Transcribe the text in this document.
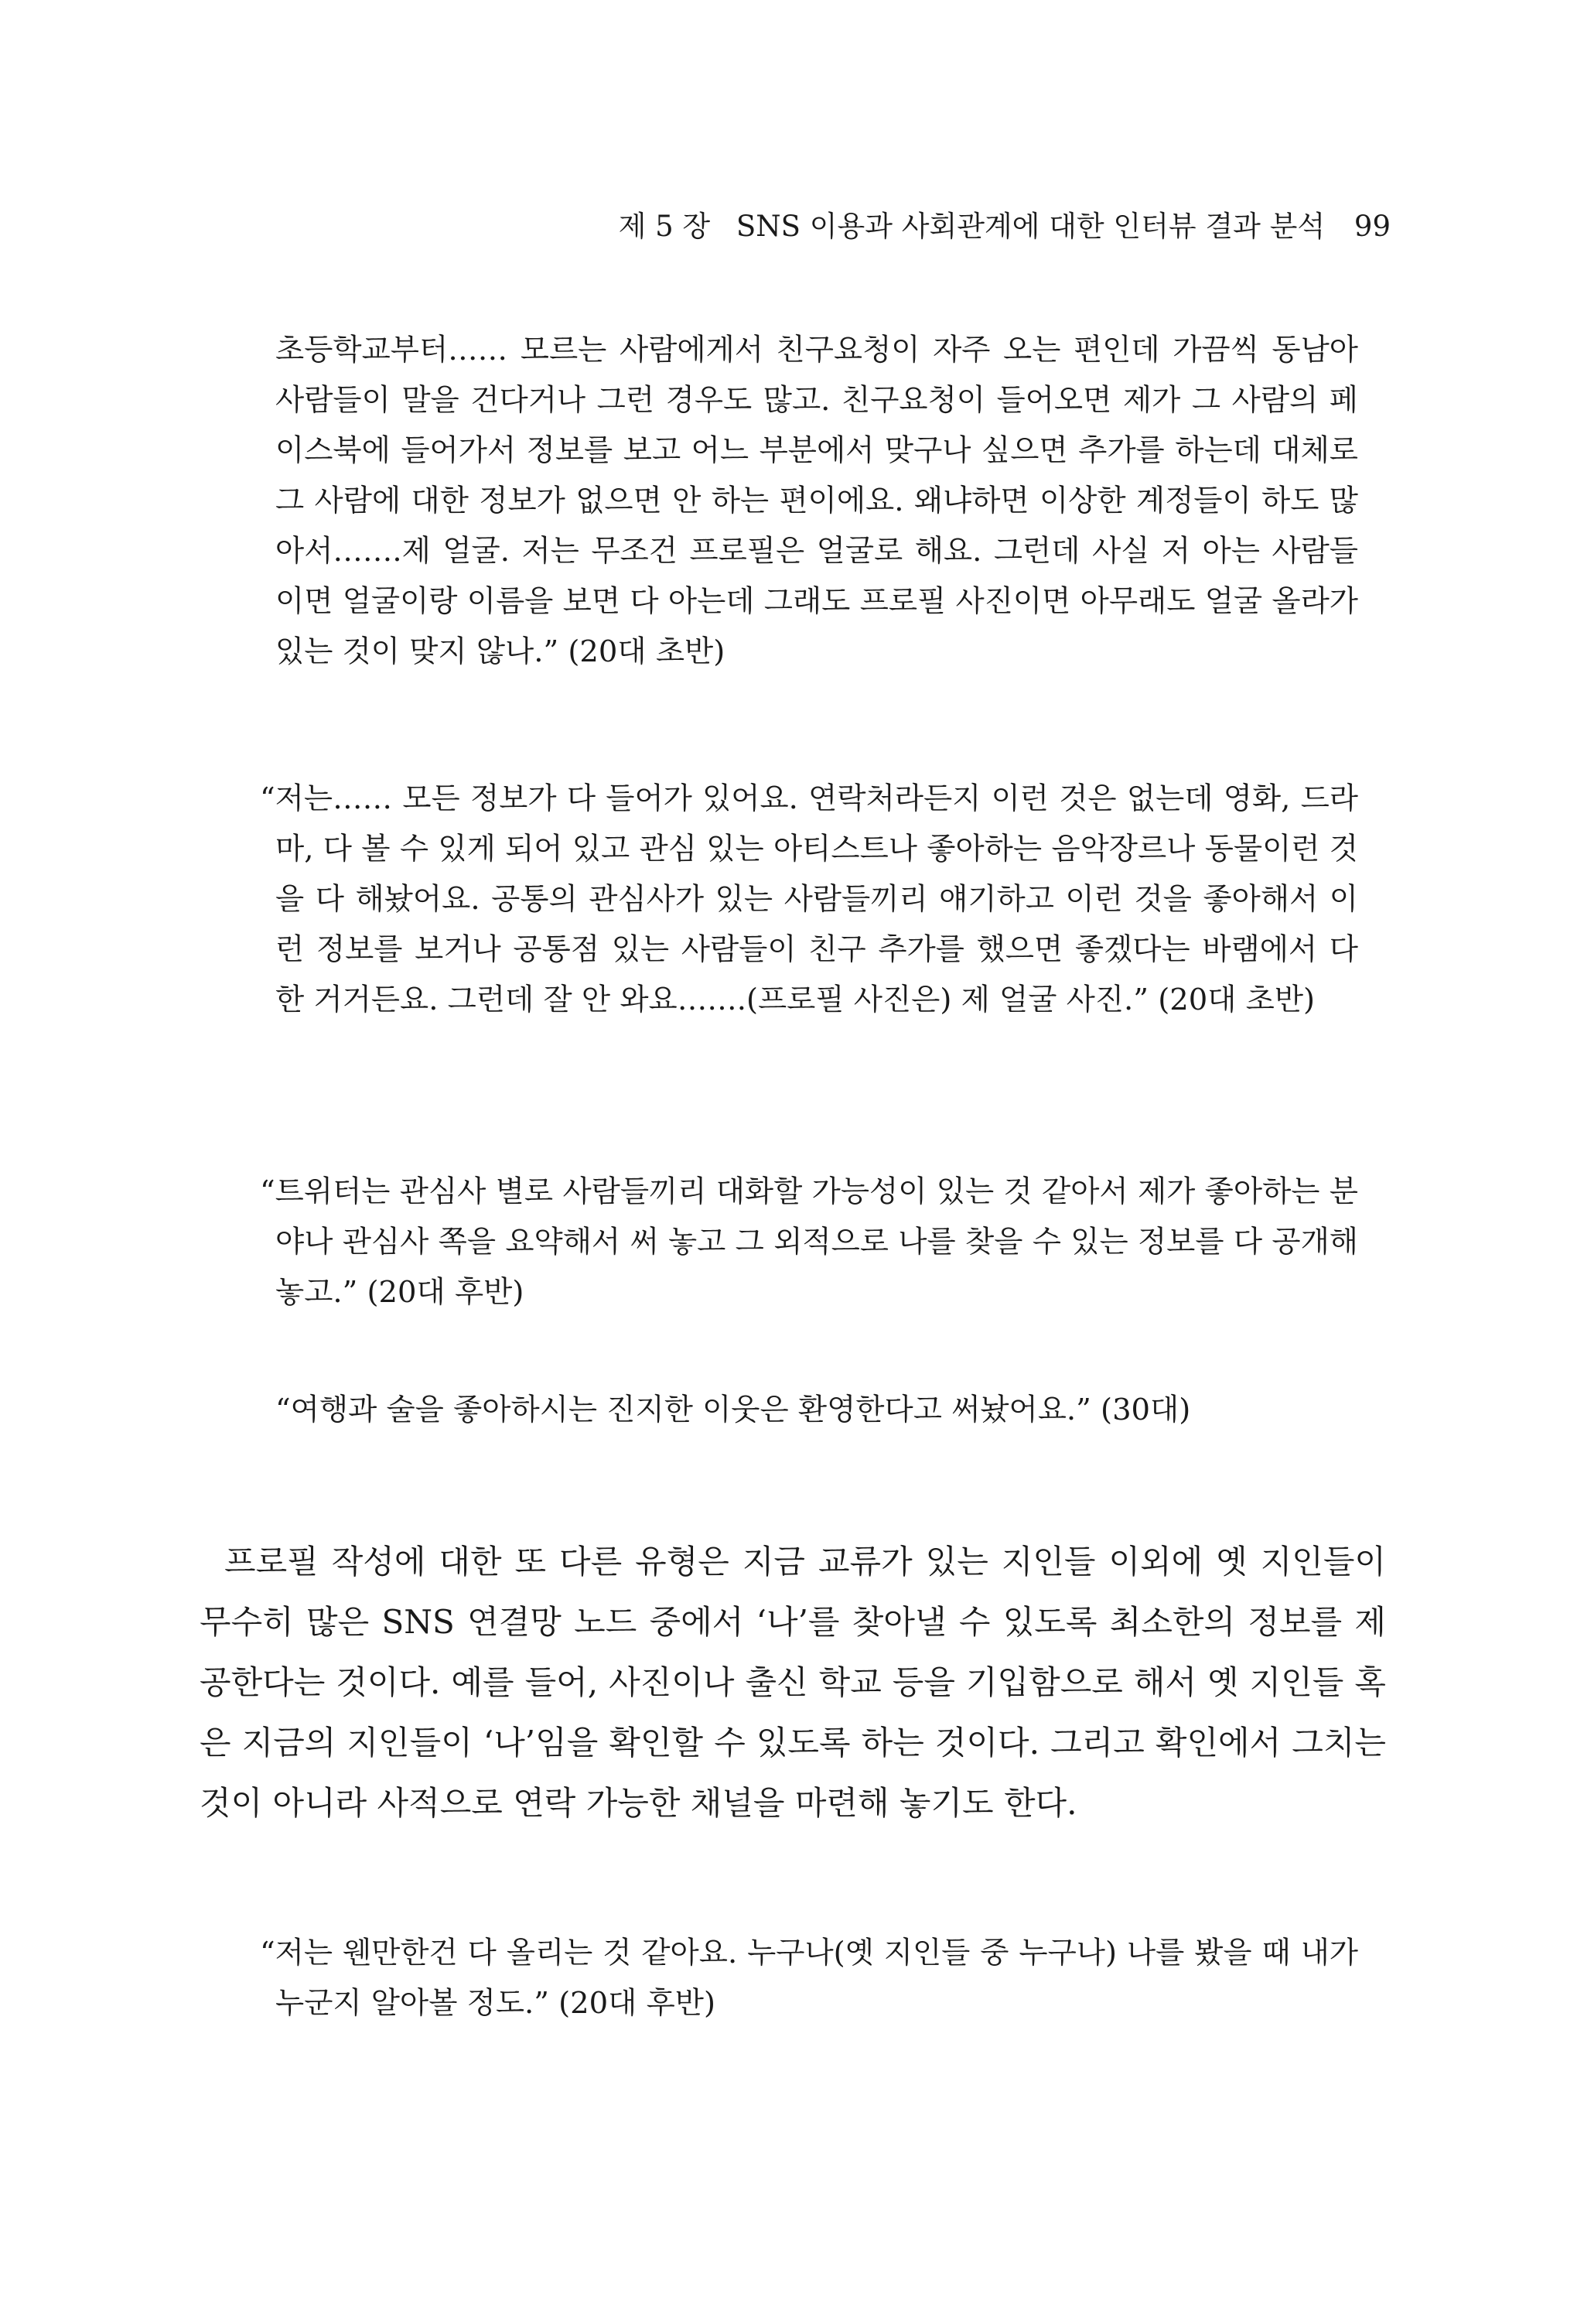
제 5 장 SNS 이용과 사회관계에 대한 인터뷰 결과 분석 99
초등학교부터…… 모르는 사람에게서 친구요청이 자주 오는 편인데 가끔씩 동남아 사람들이 말을 건다거나 그런 경우도 많고. 친구요청이 들어오면 제가 그 사람의 페이스북에 들어가서 정보를 보고 어느 부분에서 맞구나 싶으면 추가를 하는데 대체로 그 사람에 대한 정보가 없으면 안 하는 편이에요. 왜냐하면 이상한 계정들이 하도 많아서…….제 얼굴. 저는 무조건 프로필은 얼굴로 해요. 그런데 사실 저 아는 사람들이면 얼굴이랑 이름을 보면 다 아는데 그래도 프로필 사진이면 아무래도 얼굴 올라가 있는 것이 맞지 않나.” (20대 초반)
“저는…… 모든 정보가 다 들어가 있어요. 연락처라든지 이런 것은 없는데 영화, 드라마, 다 볼 수 있게 되어 있고 관심 있는 아티스트나 좋아하는 음악장르나 동물이런 것을 다 해놨어요. 공통의 관심사가 있는 사람들끼리 얘기하고 이런 것을 좋아해서 이런 정보를 보거나 공통점 있는 사람들이 친구 추가를 했으면 좋겠다는 바램에서 다 한 거거든요. 그런데 잘 안 와요…….(프로필 사진은) 제 얼굴 사진.” (20대 초반)
“트위터는 관심사 별로 사람들끼리 대화할 가능성이 있는 것 같아서 제가 좋아하는 분야나 관심사 쪽을 요약해서 써 놓고 그 외적으로 나를 찾을 수 있는 정보를 다 공개해 놓고.” (20대 후반)
“여행과 술을 좋아하시는 진지한 이웃은 환영한다고 써놨어요.” (30대)
프로필 작성에 대한 또 다른 유형은 지금 교류가 있는 지인들 이외에 옛 지인들이 무수히 많은 SNS 연결망 노드 중에서 ‘나’를 찾아낼 수 있도록 최소한의 정보를 제공한다는 것이다. 예를 들어, 사진이나 출신 학교 등을 기입함으로 해서 옛 지인들 혹은 지금의 지인들이 ‘나’임을 확인할 수 있도록 하는 것이다. 그리고 확인에서 그치는 것이 아니라 사적으로 연락 가능한 채널을 마련해 놓기도 한다.
“저는 웬만한건 다 올리는 것 같아요. 누구나(옛 지인들 중 누구나) 나를 봤을 때 내가 누군지 알아볼 정도.” (20대 후반)
